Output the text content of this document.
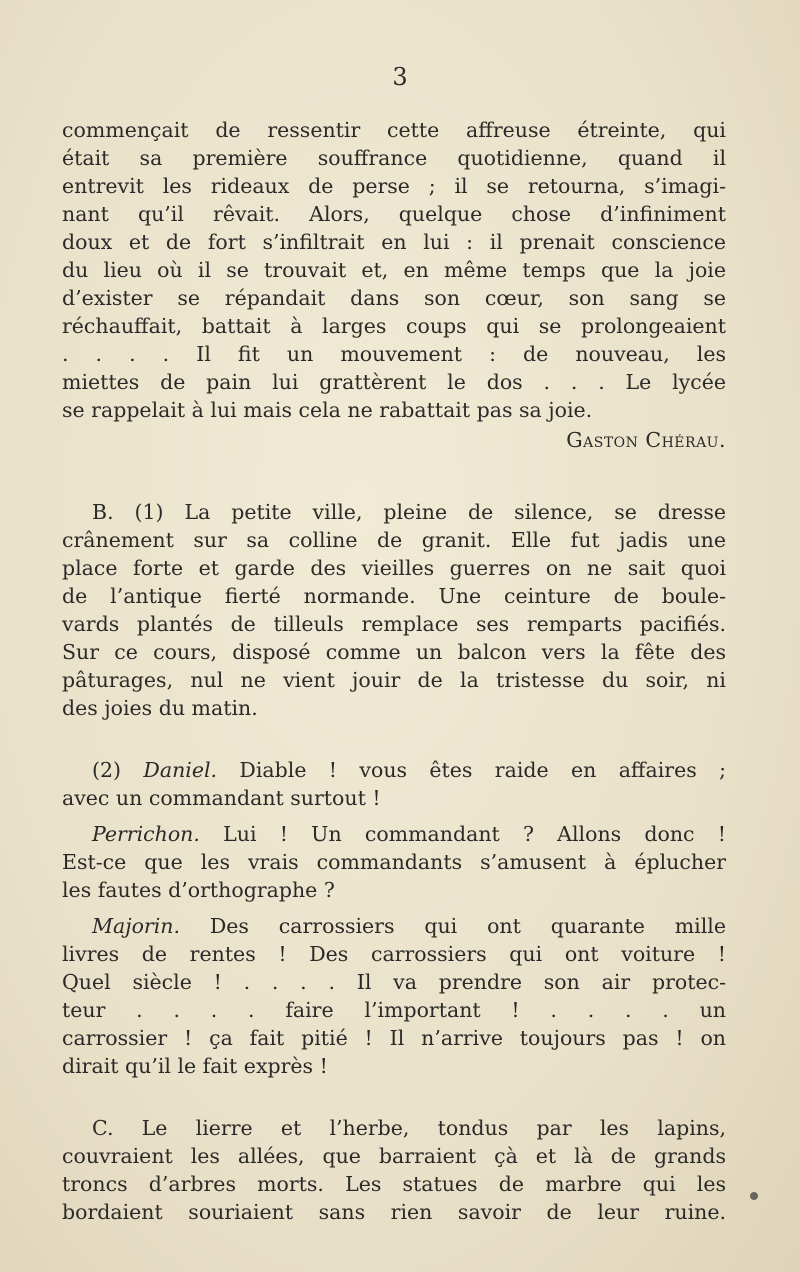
3
commençait de ressentir cette affreuse étreinte, qui
était sa première souffrance quotidienne, quand il
entrevit les rideaux de perse ; il se retourna, s’imagi-
nant qu’il rêvait. Alors, quelque chose d’infiniment
doux et de fort s’infiltrait en lui : il prenait conscience
du lieu où il se trouvait et, en même temps que la joie
d’exister se répandait dans son cœur, son sang se
réchauffait, battait à larges coups qui se prolongeaient
. . . . Il fit un mouvement : de nouveau, les
miettes de pain lui grattèrent le dos . . . Le lycée
se rappelait à lui mais cela ne rabattait pas sa joie.
Gaston Chérau.
B. (1) La petite ville, pleine de silence, se dresse
crânement sur sa colline de granit. Elle fut jadis une
place forte et garde des vieilles guerres on ne sait quoi
de l’antique fierté normande. Une ceinture de boule-
vards plantés de tilleuls remplace ses remparts pacifiés.
Sur ce cours, disposé comme un balcon vers la fête des
pâturages, nul ne vient jouir de la tristesse du soir, ni
des joies du matin.
(2) Daniel. Diable ! vous êtes raide en affaires ;
avec un commandant surtout !
Perrichon. Lui ! Un commandant ? Allons donc !
Est-ce que les vrais commandants s’amusent à éplucher
les fautes d’orthographe ?
Majorin. Des carrossiers qui ont quarante mille
livres de rentes ! Des carrossiers qui ont voiture !
Quel siècle ! . . . . Il va prendre son air protec-
teur . . . . faire l’important ! . . . . un
carrossier ! ça fait pitié ! Il n’arrive toujours pas ! on
dirait qu’il le fait exprès !
C. Le lierre et l’herbe, tondus par les lapins,
couvraient les allées, que barraient çà et là de grands
troncs d’arbres morts. Les statues de marbre qui les
bordaient souriaient sans rien savoir de leur ruine.
